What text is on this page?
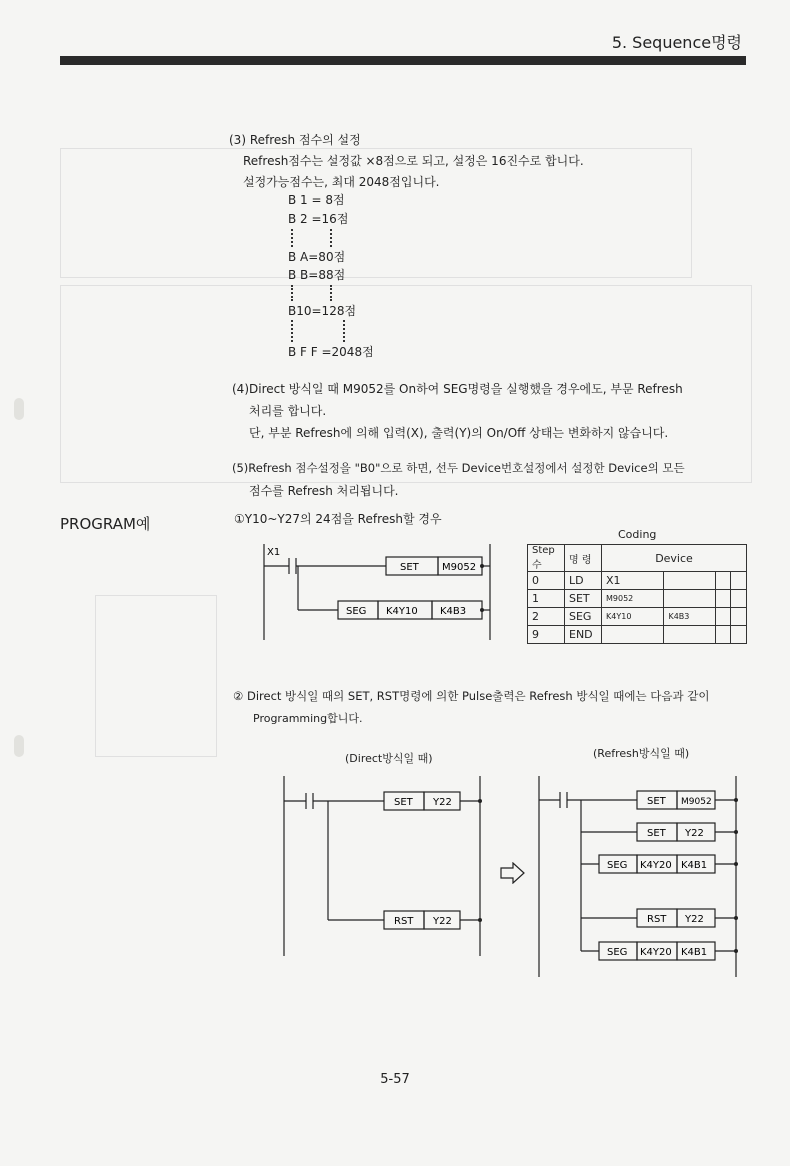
5. Sequence명령
(3) Refresh 점수의 설정
Refresh점수는 설정값 ×8점으로 되고, 설정은 16진수로 합니다.
설정가능점수는, 최대 2048점입니다.
B 1 = 8점
B 2 =16점
B A=80점
B B=88점
B10=128점
B F F =2048점
(4)Direct 방식일 때 M9052를 On하여 SEG명령을 실행했을 경우에도, 부문 Refresh
처리를 합니다.
단, 부분 Refresh에 의해 입력(X), 출력(Y)의 On/Off 상태는 변화하지 않습니다.
(5)Refresh 점수설정을 "B0"으로 하면, 선두 Device번호설정에서 설정한 Device의 모든
점수를 Refresh 처리됩니다.
PROGRAM예	①Y10~Y27의 24점을 Refresh할 경우
X1
SET M9052
SEG K4Y10 K4B3
Coding
Step수	명 령	Device			
0	LD	X1			
1	SET	M9052			
2	SEG	K4Y10	K4B3		
9	END				
② Direct 방식일 때의 SET, RST명령에 의한 Pulse출력은 Refresh 방식일 때에는 다음과 같이
Programming합니다.
(Direct방식일 때)	(Refresh방식일 때)
SET Y22
RST Y22
SET M9052
SET Y22
SEG K4Y20 K4B1
RST Y22
SEG K4Y20 K4B1
5-57
